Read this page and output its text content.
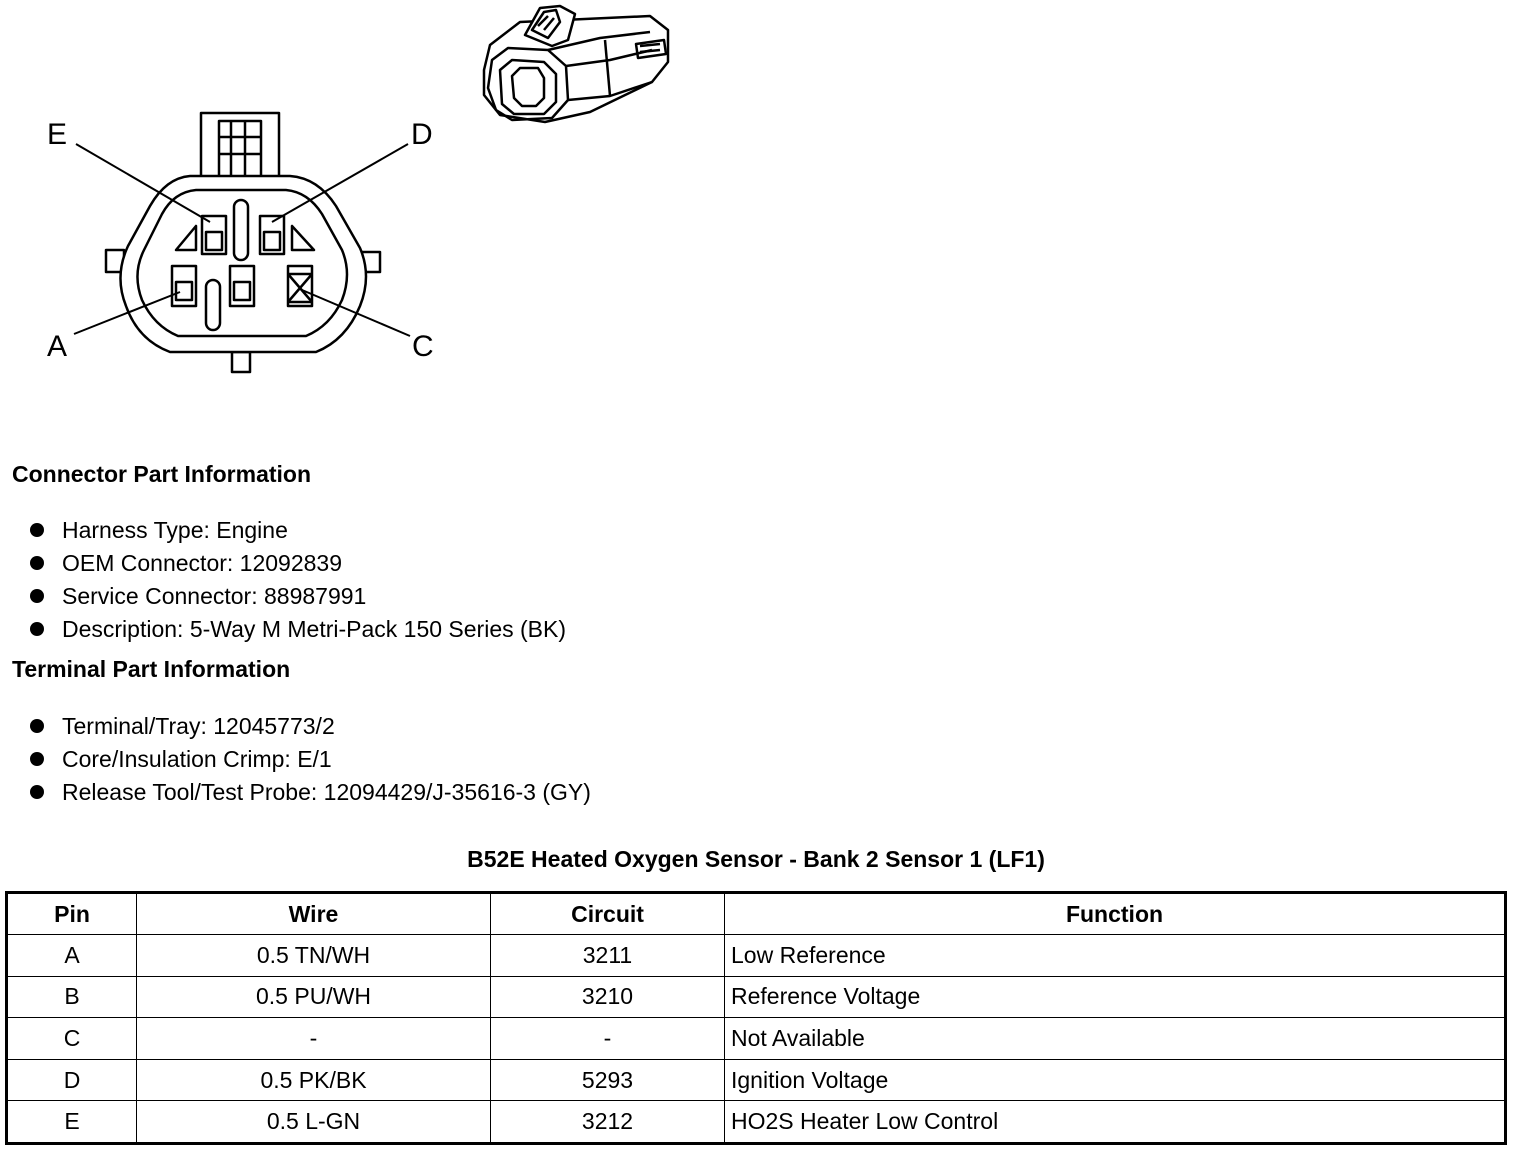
E	D
A	C
Connector Part Information
Harness Type: Engine
OEM Connector: 12092839
Service Connector: 88987991
Description: 5-Way M Metri-Pack 150 Series (BK)
Terminal Part Information
Terminal/Tray: 12045773/2
Core/Insulation Crimp: E/1
Release Tool/Test Probe: 12094429/J-35616-3 (GY)
B52E Heated Oxygen Sensor - Bank 2 Sensor 1 (LF1)
Pin	Wire	Circuit	Function
A	0.5 TN/WH	3211	Low Reference
B	0.5 PU/WH	3210	Reference Voltage
C	-	-	Not Available
D	0.5 PK/BK	5293	Ignition Voltage
E	0.5 L-GN	3212	HO2S Heater Low Control
